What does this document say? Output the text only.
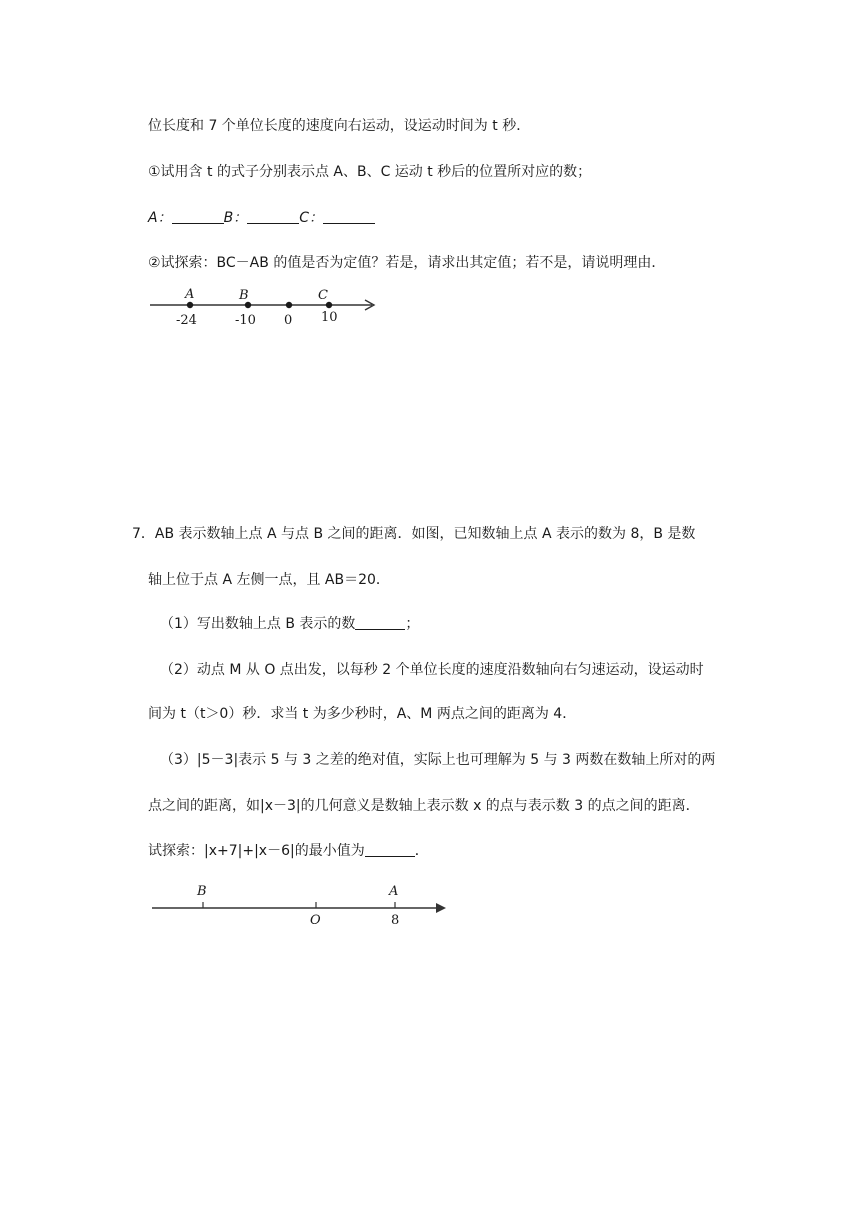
位长度和 7 个单位长度的速度向右运动，设运动时间为 t 秒．
①试用含 t 的式子分别表示点 A、B、C 运动 t 秒后的位置所对应的数；
A：	B：	C：
②试探索：BC－AB 的值是否为定值？若是，请求出其定值；若不是，请说明理由．
7．AB 表示数轴上点 A 与点 B 之间的距离．如图，已知数轴上点 A 表示的数为 8，B 是数
轴上位于点 A 左侧一点，且 AB＝20．
（1）写出数轴上点 B 表示的数	；
（2）动点 M 从 O 点出发，以每秒 2 个单位长度的速度沿数轴向右匀速运动，设运动时
间为 t（t＞0）秒．求当 t 为多少秒时，A、M 两点之间的距离为 4．
（3）|5－3|表示 5 与 3 之差的绝对值，实际上也可理解为 5 与 3 两数在数轴上所对的两
点之间的距离，如|x－3|的几何意义是数轴上表示数 x 的点与表示数 3 的点之间的距离．
试探索：|x+7|+|x－6|的最小值为	．
A	B	C
-24	-10 0 10
B	A
O	8
